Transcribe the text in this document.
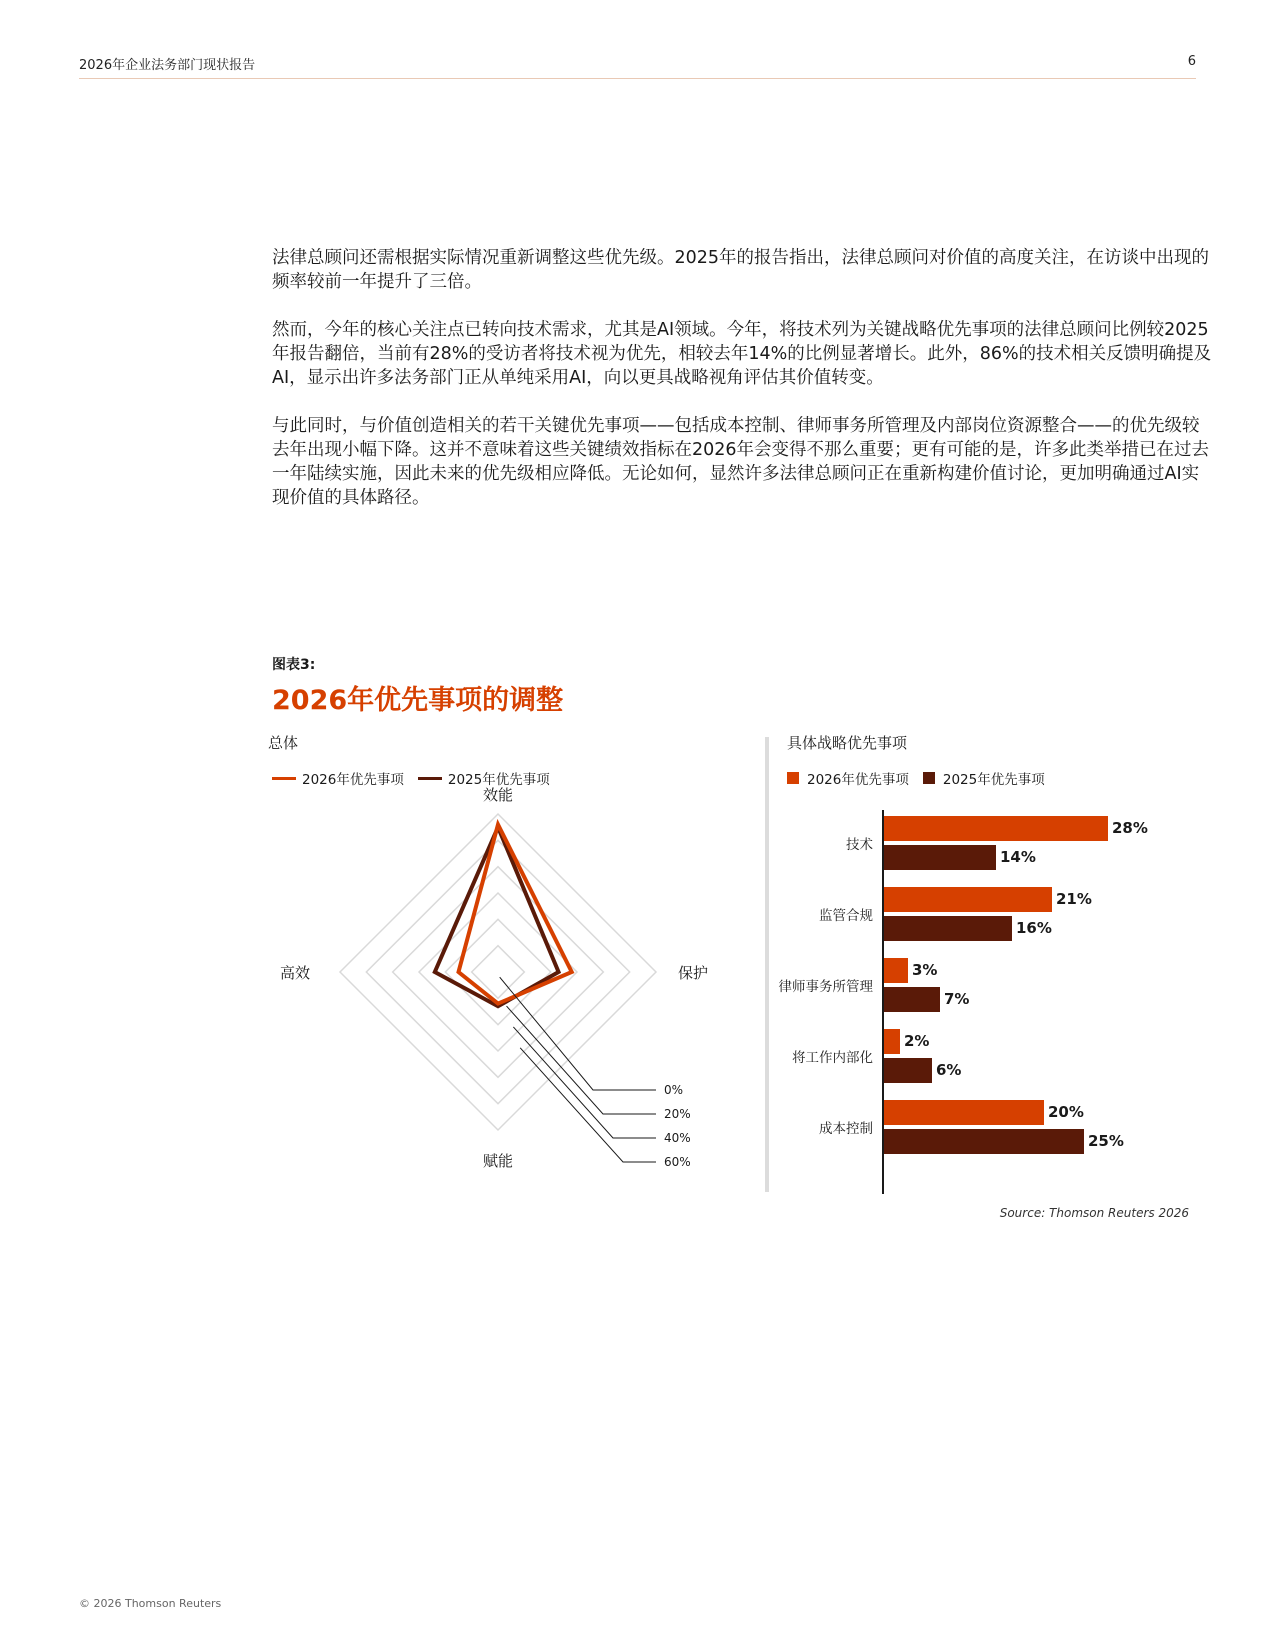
2026年企业法务部门现状报告	6

法律总顾问还需根据实际情况重新调整这些优先级。2025年的报告指出，法律总顾问对价值的高度关注，在访谈中出现的频率较前一年提升了三倍。

然而，今年的核心关注点已转向技术需求，尤其是AI领域。今年，将技术列为关键战略优先事项的法律总顾问比例较2025年报告翻倍，当前有28%的受访者将技术视为优先，相较去年14%的比例显著增长。此外，86%的技术相关反馈明确提及AI，显示出许多法务部门正从单纯采用AI，向以更具战略视角评估其价值转变。

与此同时，与价值创造相关的若干关键优先事项——包括成本控制、律师事务所管理及内部岗位资源整合——的优先级较去年出现小幅下降。这并不意味着这些关键绩效指标在2026年会变得不那么重要；更有可能的是，许多此类举措已在过去一年陆续实施，因此未来的优先级相应降低。无论如何，显然许多法律总顾问正在重新构建价值讨论，更加明确通过AI实现价值的具体路径。

图表3:
2026年优先事项的调整
总体
2026年优先事项	2025年优先事项
效能
保护
赋能
高效
0%
20%
40%
60%
具体战略优先事项
2026年优先事项	2025年优先事项
28%
14%
技术
21%
16%
监管合规
3%
7%
律师事务所管理
2%
6%
将工作内部化
20%
25%
成本控制
Source: Thomson Reuters 2026
© 2026 Thomson Reuters
